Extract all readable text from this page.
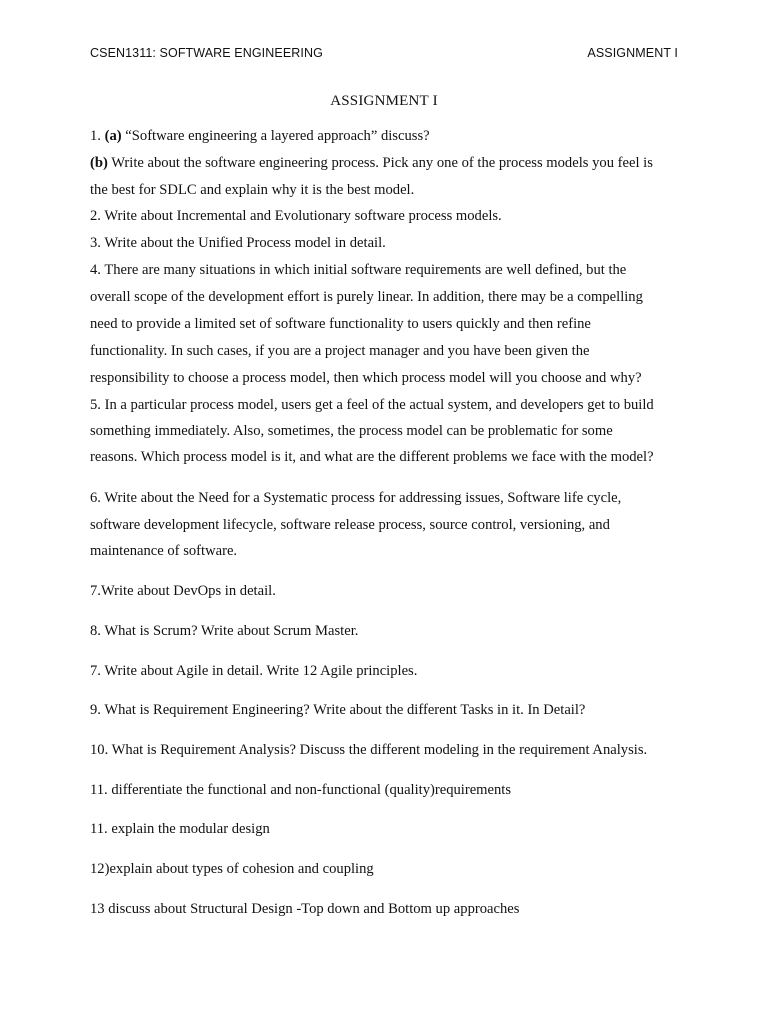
CSEN1311: SOFTWARE ENGINEERING	ASSIGNMENT I
ASSIGNMENT I
1. (a) “Software engineering a layered approach” discuss?
(b) Write about the software engineering process. Pick any one of the process models you feel is
the best for SDLC and explain why it is the best model.
2. Write about Incremental and Evolutionary software process models.
3. Write about the Unified Process model in detail.
4. There are many situations in which initial software requirements are well defined, but the
overall scope of the development effort is purely linear. In addition, there may be a compelling
need to provide a limited set of software functionality to users quickly and then refine
functionality. In such cases, if you are a project manager and you have been given the
responsibility to choose a process model, then which process model will you choose and why?
5. In a particular process model, users get a feel of the actual system, and developers get to build
something immediately. Also, sometimes, the process model can be problematic for some
reasons. Which process model is it, and what are the different problems we face with the model?
6. Write about the Need for a Systematic process for addressing issues, Software life cycle,
software development lifecycle, software release process, source control, versioning, and
maintenance of software.
7.Write about DevOps in detail.
8. What is Scrum? Write about Scrum Master.
7. Write about Agile in detail. Write 12 Agile principles.
9. What is Requirement Engineering? Write about the different Tasks in it. In Detail?
10. What is Requirement Analysis? Discuss the different modeling in the requirement Analysis.
11. differentiate the functional and non-functional (quality)requirements
11. explain the modular design
12)explain about types of cohesion and coupling
13 discuss about Structural Design -Top down and Bottom up approaches
